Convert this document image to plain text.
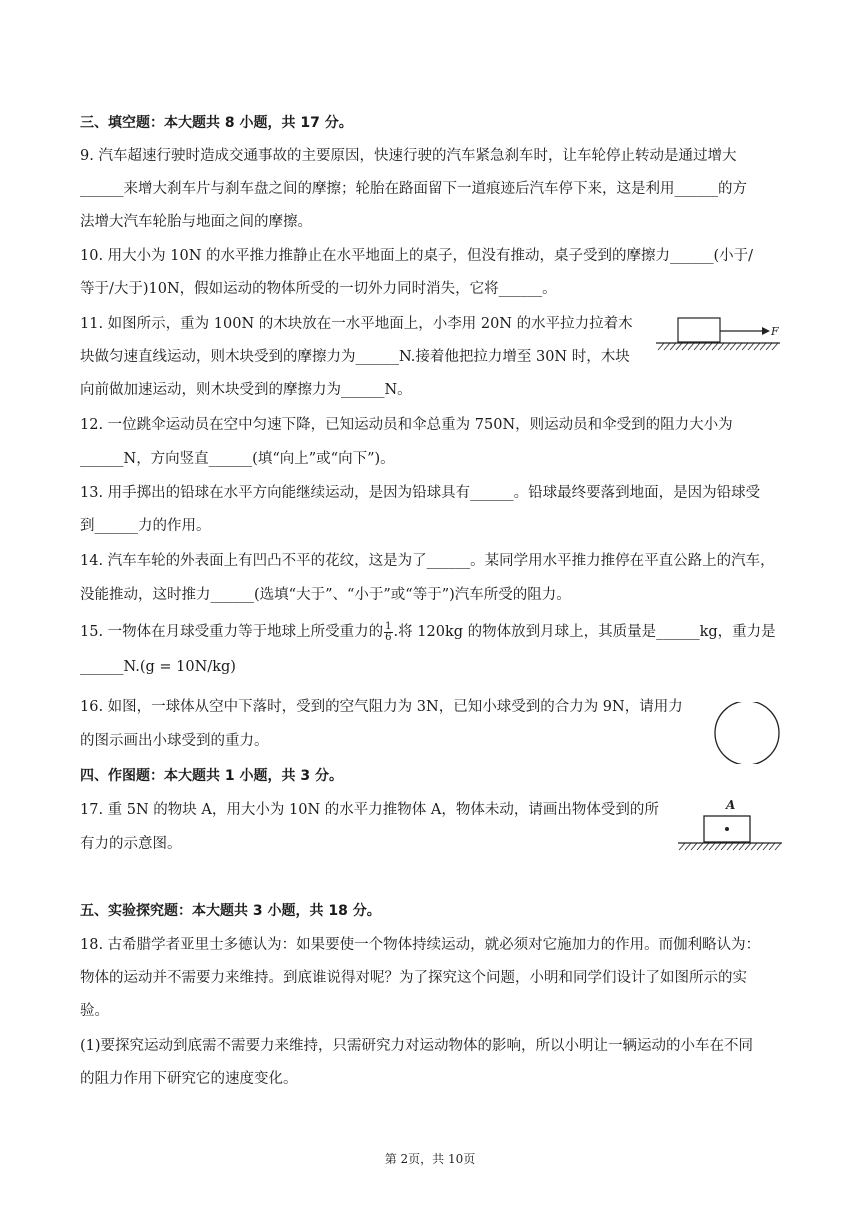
三、填空题：本大题共 8 小题，共 17 分。
9. 汽车超速行驶时造成交通事故的主要原因，快速行驶的汽车紧急刹车时，让车轮停止转动是通过增大
______来增大刹车片与刹车盘之间的摩擦；轮胎在路面留下一道痕迹后汽车停下来，这是利用______的方
法增大汽车轮胎与地面之间的摩擦。
10. 用大小为 10N 的水平推力推静止在水平地面上的桌子，但没有推动，桌子受到的摩擦力______(小于/
等于/大于)10N，假如运动的物体所受的一切外力同时消失，它将______。
11. 如图所示，重为 100N 的木块放在一水平地面上，小李用 20N 的水平拉力拉着木
块做匀速直线运动，则木块受到的摩擦力为______N.接着他把拉力增至 30N 时，木块
向前做加速运动，则木块受到的摩擦力为______N。
F
12. 一位跳伞运动员在空中匀速下降，已知运动员和伞总重为 750N，则运动员和伞受到的阻力大小为
______N，方向竖直______(填“向上”或“向下”)。
13. 用手掷出的铅球在水平方向能继续运动，是因为铅球具有______。铅球最终要落到地面，是因为铅球受
到______力的作用。
14. 汽车车轮的外表面上有凹凸不平的花纹，这是为了______。某同学用水平推力推停在平直公路上的汽车，
没能推动，这时推力______(选填“大于”、“小于”或“等于”)汽车所受的阻力。
15. 一物体在月球受重力等于地球上所受重力的 $\frac{1}{6}$ .将 120kg 的物体放到月球上，其质量是______kg，重力是
______N.(g = 10N/kg)
16. 如图，一球体从空中下落时，受到的空气阻力为 3N，已知小球受到的合力为 9N，请用力
的图示画出小球受到的重力。
四、作图题：本大题共 1 小题，共 3 分。
17. 重 5N 的物块 A，用大小为 10N 的水平力推物体 A，物体未动，请画出物体受到的所
有力的示意图。
A
五、实验探究题：本大题共 3 小题，共 18 分。
18. 古希腊学者亚里士多德认为：如果要使一个物体持续运动，就必须对它施加力的作用。而伽利略认为：
物体的运动并不需要力来维持。到底谁说得对呢？为了探究这个问题，小明和同学们设计了如图所示的实
验。
(1)要探究运动到底需不需要力来维持，只需研究力对运动物体的影响，所以小明让一辆运动的小车在不同
的阻力作用下研究它的速度变化。
第 2页，共 10页
